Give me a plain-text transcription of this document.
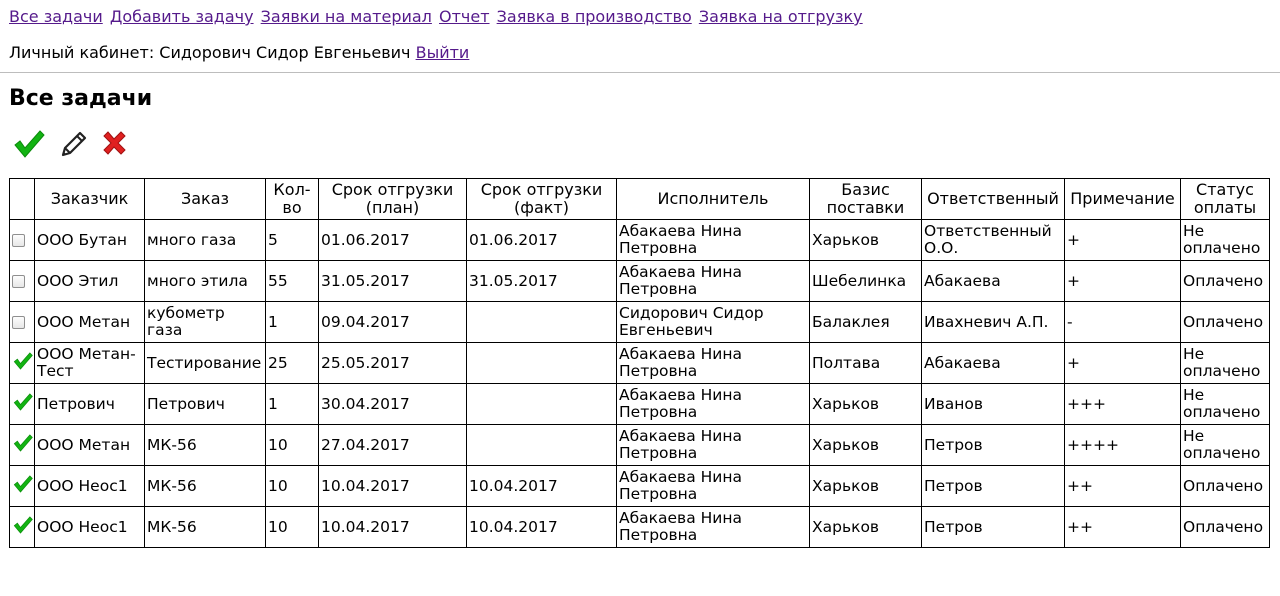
Все задачи Добавить задачу Заявки на материал Отчет Заявка в производство Заявка на отгрузку
Личный кабинет: Сидорович Сидор Евгеньевич Выйти
Все задачи
	Заказчик	Заказ	Кол-во	Срок отгрузки (план)	Срок отгрузки (факт)	Исполнитель	Базис поставки	Ответственный	Примечание	Статус оплаты
	ООО Бутан	много газа	5	01.06.2017	01.06.2017	Абакаева Нина Петровна	Харьков	Ответственный О.О.	+	Не оплачено
	ООО Этил	много этила	55	31.05.2017	31.05.2017	Абакаева Нина Петровна	Шебелинка	Абакаева	+	Оплачено
	ООО Метан	кубометр газа	1	09.04.2017		Сидорович Сидор Евгеньевич	Балаклея	Ивахневич А.П.	-	Оплачено
	ООО Метан-Тест	Тестирование	25	25.05.2017		Абакаева Нина Петровна	Полтава	Абакаева	+	Не оплачено
	Петрович	Петрович	1	30.04.2017		Абакаева Нина Петровна	Харьков	Иванов	+++	Не оплачено
	ООО Метан	МК-56	10	27.04.2017		Абакаева Нина Петровна	Харьков	Петров	++++	Не оплачено
	ООО Неос1	МК-56	10	10.04.2017	10.04.2017	Абакаева Нина Петровна	Харьков	Петров	++	Оплачено
	ООО Неос1	МК-56	10	10.04.2017	10.04.2017	Абакаева Нина Петровна	Харьков	Петров	++	Оплачено
